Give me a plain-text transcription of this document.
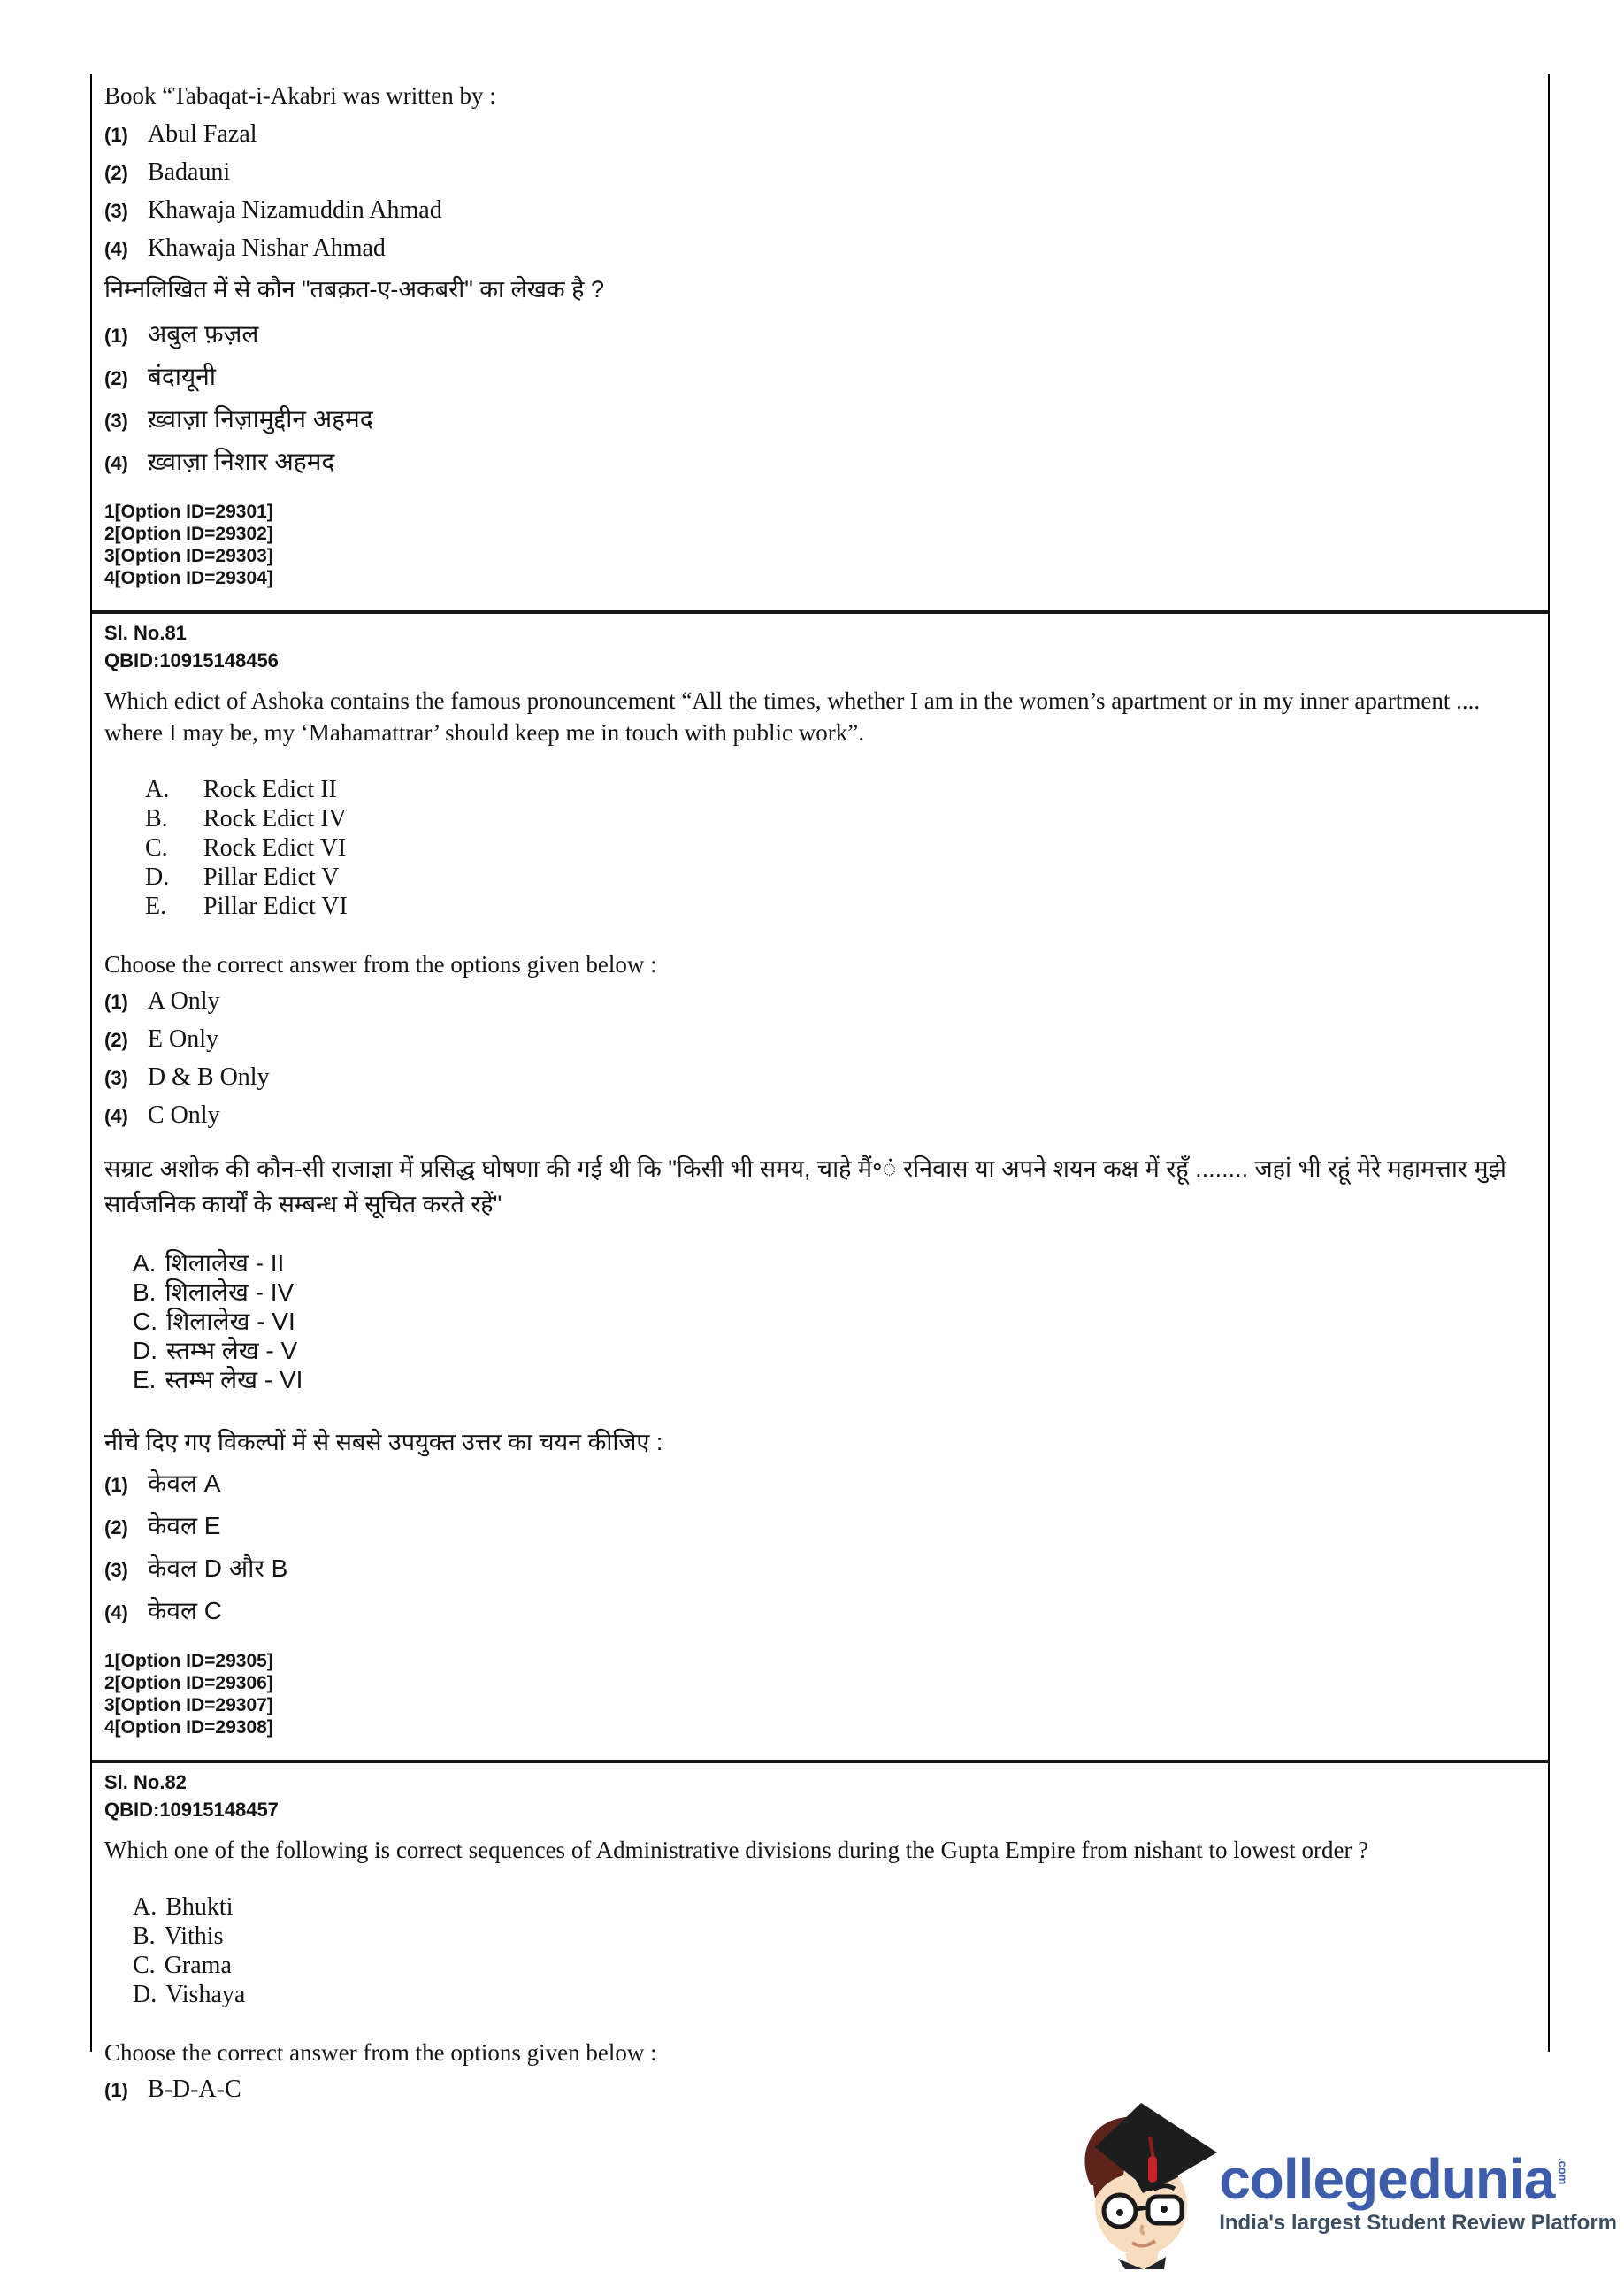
Book “Tabaqat-i-Akabri was written by :
(1) Abul Fazal
(2) Badauni
(3) Khawaja Nizamuddin Ahmad
(4) Khawaja Nishar Ahmad
निम्नलिखित में से कौन "तबक़त-ए-अकबरी" का लेखक है ?
(1) अबुल फ़ज़ल
(2) बंदायूनी
(3) ख़्वाज़ा निज़ामुद्दीन अहमद
(4) ख़्वाज़ा निशार अहमद
1[Option ID=29301]
2[Option ID=29302]
3[Option ID=29303]
4[Option ID=29304]
Sl. No.81
QBID:10915148456
Which edict of Ashoka contains the famous pronouncement “All the times, whether I am in the women’s apartment or in my inner apartment .... where I may be, my ‘Mahamattrar’ should keep me in touch with public work”.
A. Rock Edict II
B. Rock Edict IV
C. Rock Edict VI
D. Pillar Edict V
E. Pillar Edict VI
Choose the correct answer from the options given below :
(1) A Only
(2) E Only
(3) D & B Only
(4) C Only
सम्राट अशोक की कौन-सी राजाज्ञा में प्रसिद्ध घोषणा की गई थी कि "किसी भी समय, चाहे मैं॰ं रनिवास या अपने शयन कक्ष में रहूँ ........ जहां भी रहूं मेरे महामत्तार मुझे सार्वजनिक कार्यों के सम्बन्ध में सूचित करते रहें"
A. शिलालेख - II
B. शिलालेख - IV
C. शिलालेख - VI
D. स्तम्भ लेख - V
E. स्तम्भ लेख - VI
नीचे दिए गए विकल्पों में से सबसे उपयुक्त उत्तर का चयन कीजिए :
(1) केवल A
(2) केवल E
(3) केवल D और B
(4) केवल C
1[Option ID=29305]
2[Option ID=29306]
3[Option ID=29307]
4[Option ID=29308]
Sl. No.82
QBID:10915148457
Which one of the following is correct sequences of Administrative divisions during the Gupta Empire from nishant to lowest order ?
A. Bhukti
B. Vithis
C. Grama
D. Vishaya
Choose the correct answer from the options given below :
(1) B-D-A-C
collegedunia .com
India's largest Student Review Platform
